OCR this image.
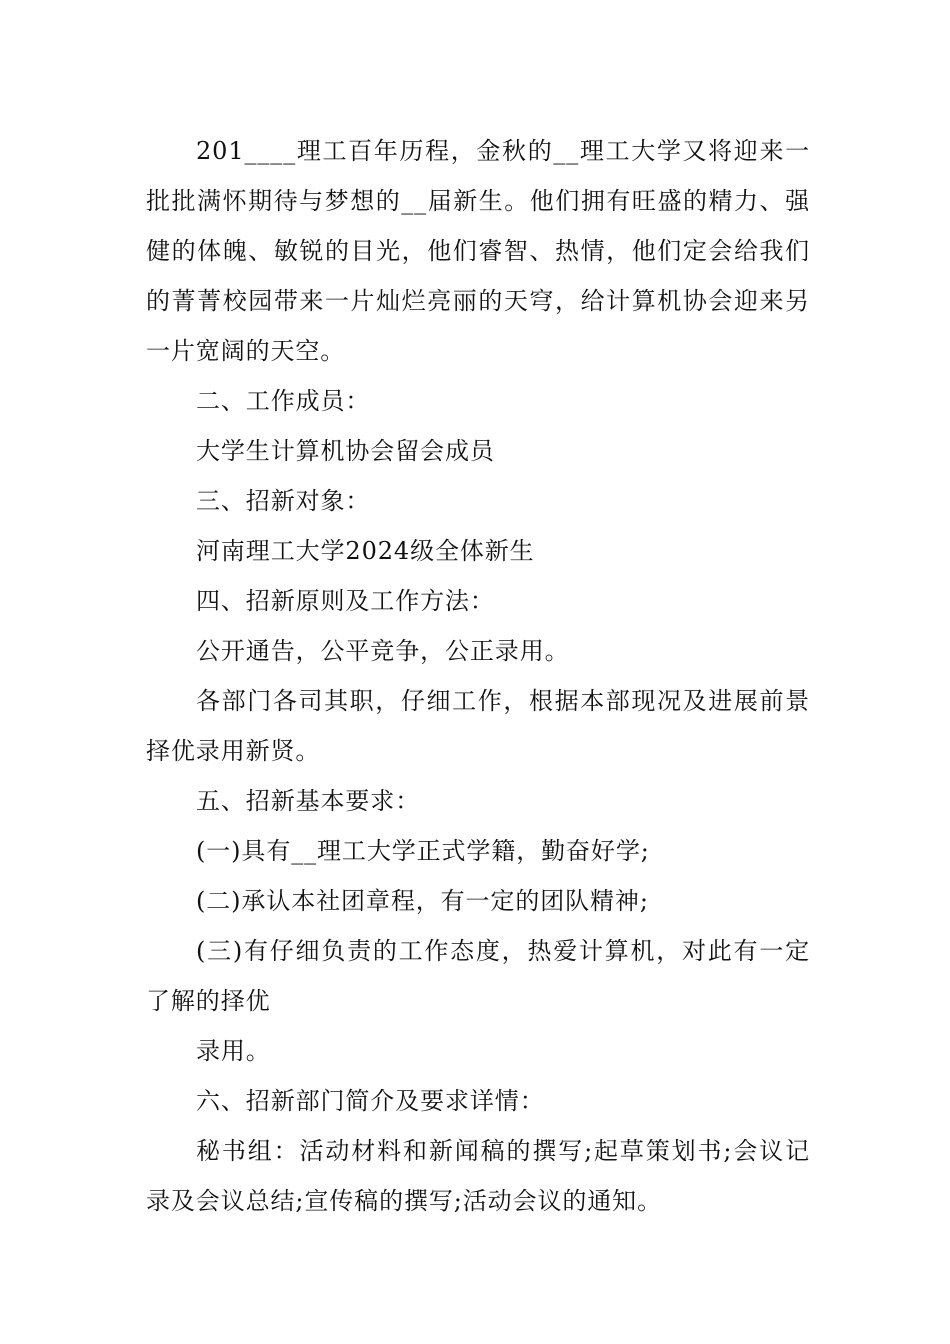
201____理工百年历程，金秋的__理工大学又将迎来一批批满怀期待与梦想的__届新生。他们拥有旺盛的精力、强健的体魄、敏锐的目光，他们睿智、热情，他们定会给我们的菁菁校园带来一片灿烂亮丽的天穹，给计算机协会迎来另一片宽阔的天空。

二、工作成员：

大学生计算机协会留会成员

三、招新对象：

河南理工大学2024级全体新生

四、招新原则及工作方法：

公开通告，公平竞争，公正录用。

各部门各司其职，仔细工作，根据本部现况及进展前景择优录用新贤。

五、招新基本要求：

(一)具有__理工大学正式学籍，勤奋好学;

(二)承认本社团章程，有一定的团队精神;

(三)有仔细负责的工作态度，热爱计算机，对此有一定了解的择优

录用。

六、招新部门简介及要求详情：

秘书组：活动材料和新闻稿的撰写;起草策划书;会议记录及会议总结;宣传稿的撰写;活动会议的通知。
